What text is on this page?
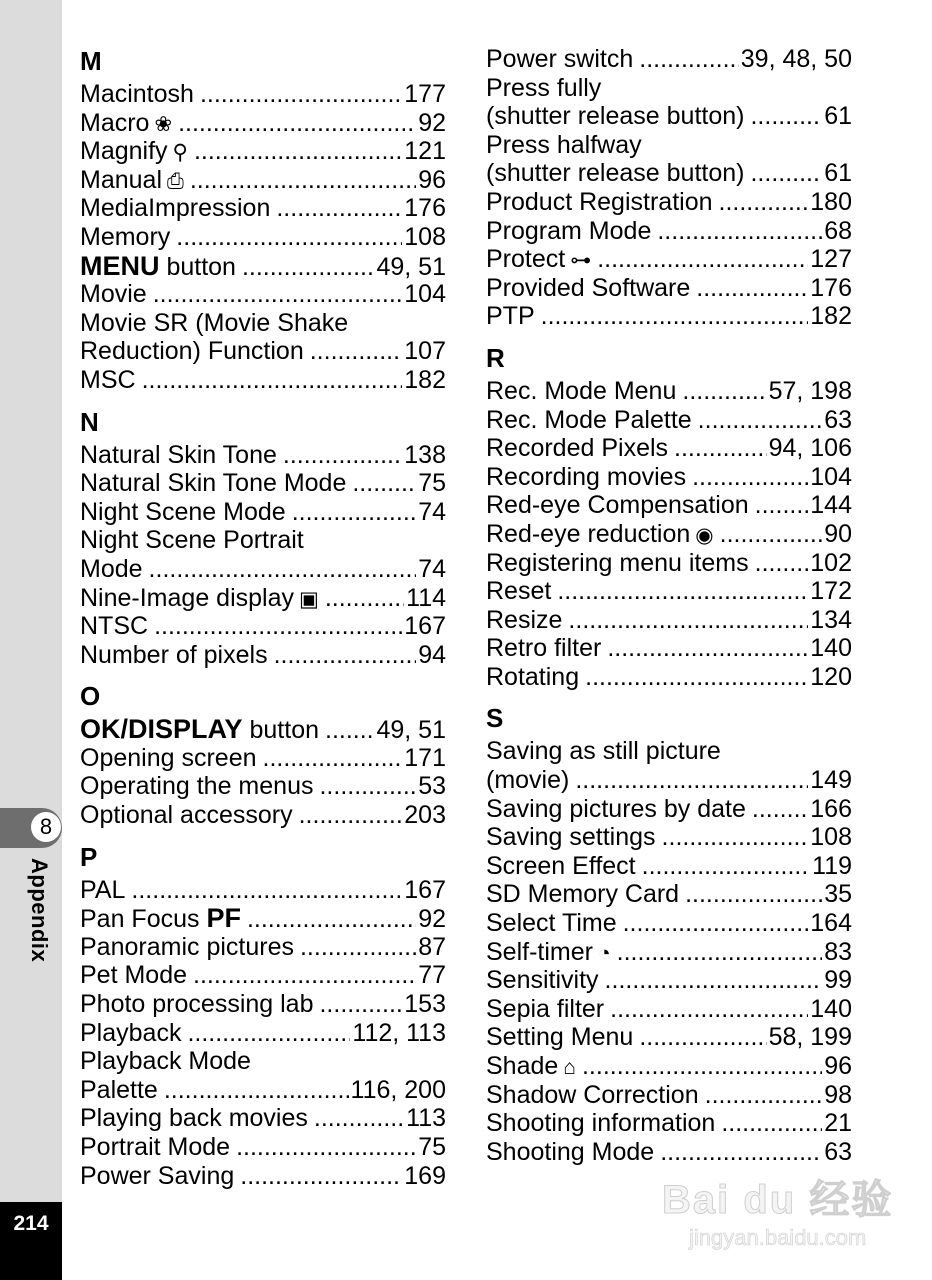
8
Appendix
214
M
Macintosh .....	177
Macro ❀ .....	92
Magnify ⚲ .....	121
Manual ⎙ .....	96
MediaImpression .....	176
Memory .....	108
MENU button .....	49, 51
Movie .....	104
Movie SR (Movie Shake
Reduction) Function .....	107
MSC .....	182
N
Natural Skin Tone .....	138
Natural Skin Tone Mode .....	75
Night Scene Mode .....	74
Night Scene Portrait
Mode .....	74
Nine-Image display ▣ .....	114
NTSC .....	167
Number of pixels .....	94
O
OK/DISPLAY button ..... 49, 51
Opening screen .....	171
Operating the menus .....	53
Optional accessory .....	203
P
PAL .....	167
Pan Focus PF .....	92
Panoramic pictures .....	87
Pet Mode .....	77
Photo processing lab .....	153
Playback .....	112, 113
Playback Mode
Palette .....	116, 200
Playing back movies .....	113
Portrait Mode .....	75
Power Saving .....	169
Power switch .....	39, 48, 50
Press fully
(shutter release button) .....	61
Press halfway
(shutter release button) .....	61
Product Registration .....	180
Program Mode .....	68
Protect ⊶ .....	127
Provided Software .....	176
PTP .....	182
R
Rec. Mode Menu .....	57, 198
Rec. Mode Palette .....	63
Recorded Pixels .....	94, 106
Recording movies .....	104
Red-eye Compensation ..... 144
Red-eye reduction ◉ .....	90
Registering menu items ..... 102
Reset .....	172
Resize .....	134
Retro filter .....	140
Rotating .....	120
S
Saving as still picture
(movie) .....	149
Saving pictures by date .....	166
Saving settings .....	108
Screen Effect .....	119
SD Memory Card .....	35
Select Time .....	164
Self-timer ◔ .....	83
Sensitivity .....	99
Sepia filter .....	140
Setting Menu .....	58, 199
Shade ⌂ .....	96
Shadow Correction .....	98
Shooting information .....	21
Shooting Mode .....	63
Bai du 经验
jingyan.baidu.com
